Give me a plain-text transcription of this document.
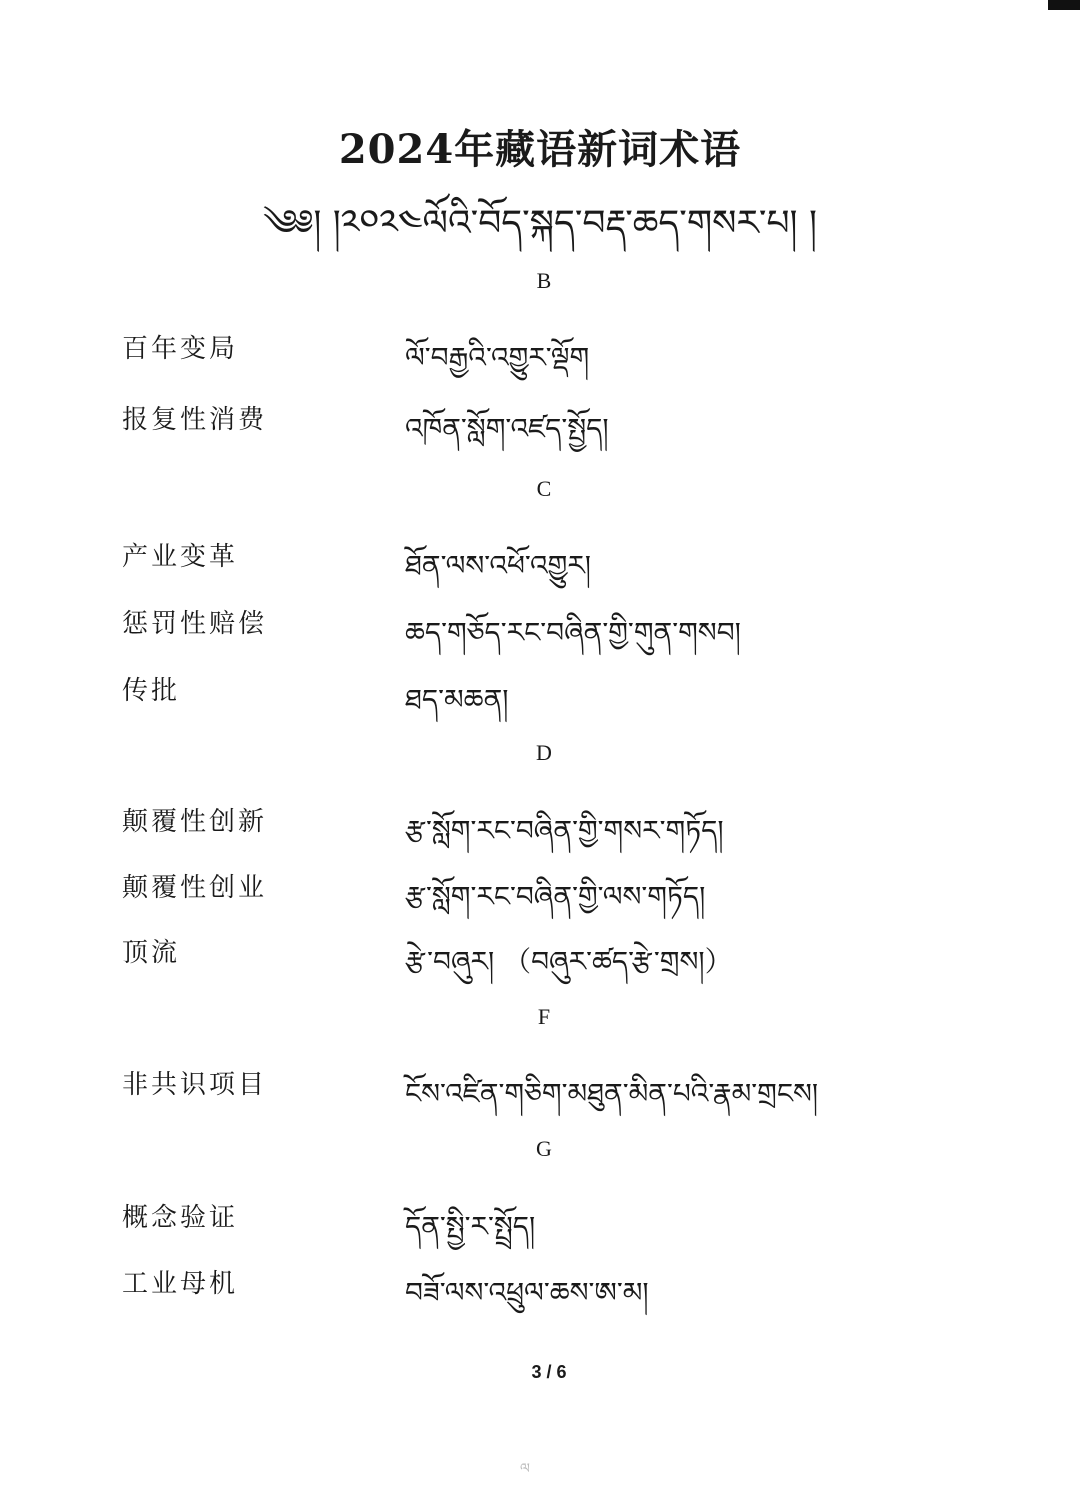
2024年藏语新词术语
༄༅། །༢༠༢༤ལོའི་བོད་སྐད་བརྡ་ཆད་གསར་པ། །
B
百年变局	ལོ་བརྒྱའི་འགྱུར་ལྡོག
报复性消费	འཁོན་སློག་འཛད་སྤྱོད།
C
产业变革	ཐོན་ལས་འཕོ་འགྱུར།
惩罚性赔偿	ཆད་གཅོད་རང་བཞིན་གྱི་གུན་གསབ།
传批	ཐད་མཆན།
D
颠覆性创新	རྩ་སློག་རང་བཞིན་གྱི་གསར་གཏོད།
颠覆性创业	རྩ་སློག་རང་བཞིན་གྱི་ལས་གཏོད།
顶流	རྩེ་བཞུར། （བཞུར་ཚད་རྩེ་གྲས།）
F
非共识项目	ངོས་འཛིན་གཅིག་མཐུན་མིན་པའི་རྣམ་གྲངས།
G
概念验证	དོན་སྤྱི་ར་སྤྲོད།
工业母机	བཟོ་ལས་འཕྲུལ་ཆས་ཨ་མ།
3 / 6
ལ
